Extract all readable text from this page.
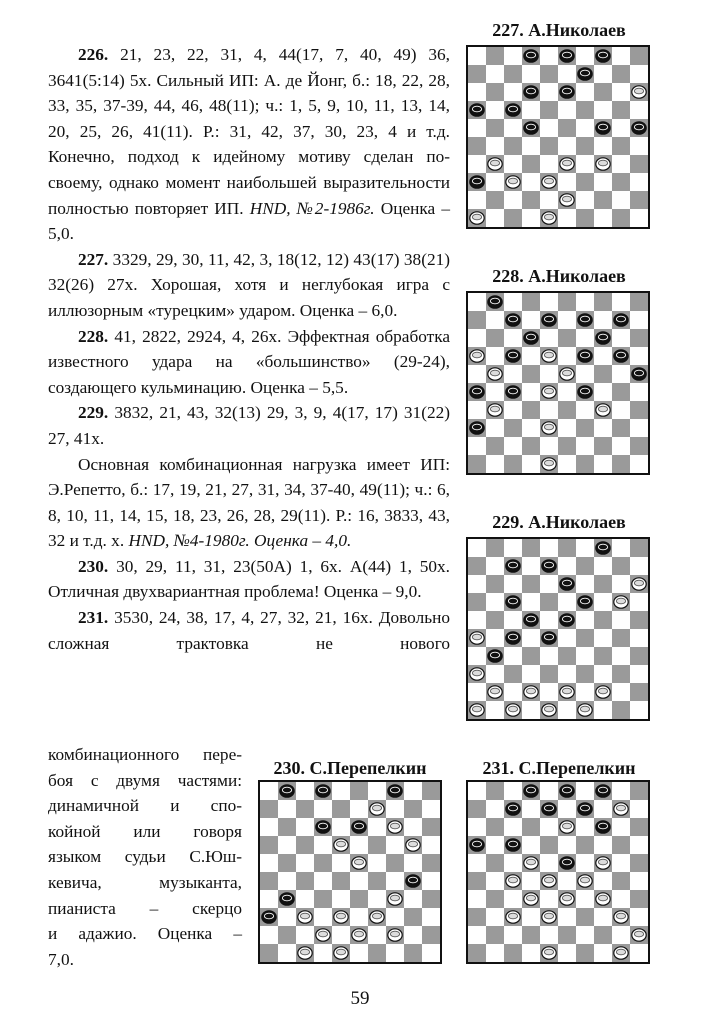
226. 21, 23, 22, 31, 4, 44(17, 7, 40, 49) 36, 3641(5:14) 5х. Сильный ИП: А. де Йонг, б.: 18, 22, 28, 33, 35, 37-39, 44, 46, 48(11); ч.: 1, 5, 9, 10, 11, 13, 14, 20, 25, 26, 41(11). Р.: 31, 42, 37, 30, 23, 4 и т.д. Конечно, подход к идейному мотиву сделан по-своему, однако момент наибольшей выразительности полностью повторяет ИП. HND, №2-1986г. Оценка – 5,0.

227. 3329, 29, 30, 11, 42, 3, 18(12, 12) 43(17) 38(21) 32(26) 27х. Хорошая, хотя и неглубокая игра с иллюзорным «турецким» ударом. Оценка – 6,0.

228. 41, 2822, 2924, 4, 26х. Эффектная обработка известного удара на «большинство» (29-24), создающего кульминацию. Оценка – 5,5.

229. 3832, 21, 43, 32(13) 29, 3, 9, 4(17, 17) 31(22) 27, 41х.

Основная комбинационная нагрузка имеет ИП: Э.Репетто, б.: 17, 19, 21, 27, 31, 34, 37-40, 49(11); ч.: 6, 8, 10, 11, 14, 15, 18, 23, 26, 28, 29(11). Р.: 16, 3833, 43, 32 и т.д. х. HND, №4-1980г. Оценка – 4,0.

230. 30, 29, 11, 31, 23(50А) 1, 6х. А(44) 1, 50х. Отличная двухвариантная проблема! Оценка – 9,0.

231. 3530, 24, 38, 17, 4, 27, 32, 21, 16х. Довольно сложная трактовка не нового

комбинационного пере-
боя с двумя частями:
динамичной и спо-
койной или говоря
языком судьи С.Юш-
кевича, музыканта,
пианиста – скерцо
и адажио. Оценка –
7,0.
227. А.Николаев
228. А.Николаев
229. А.Николаев
230. С.Перепелкин	231. С.Перепелкин
59
